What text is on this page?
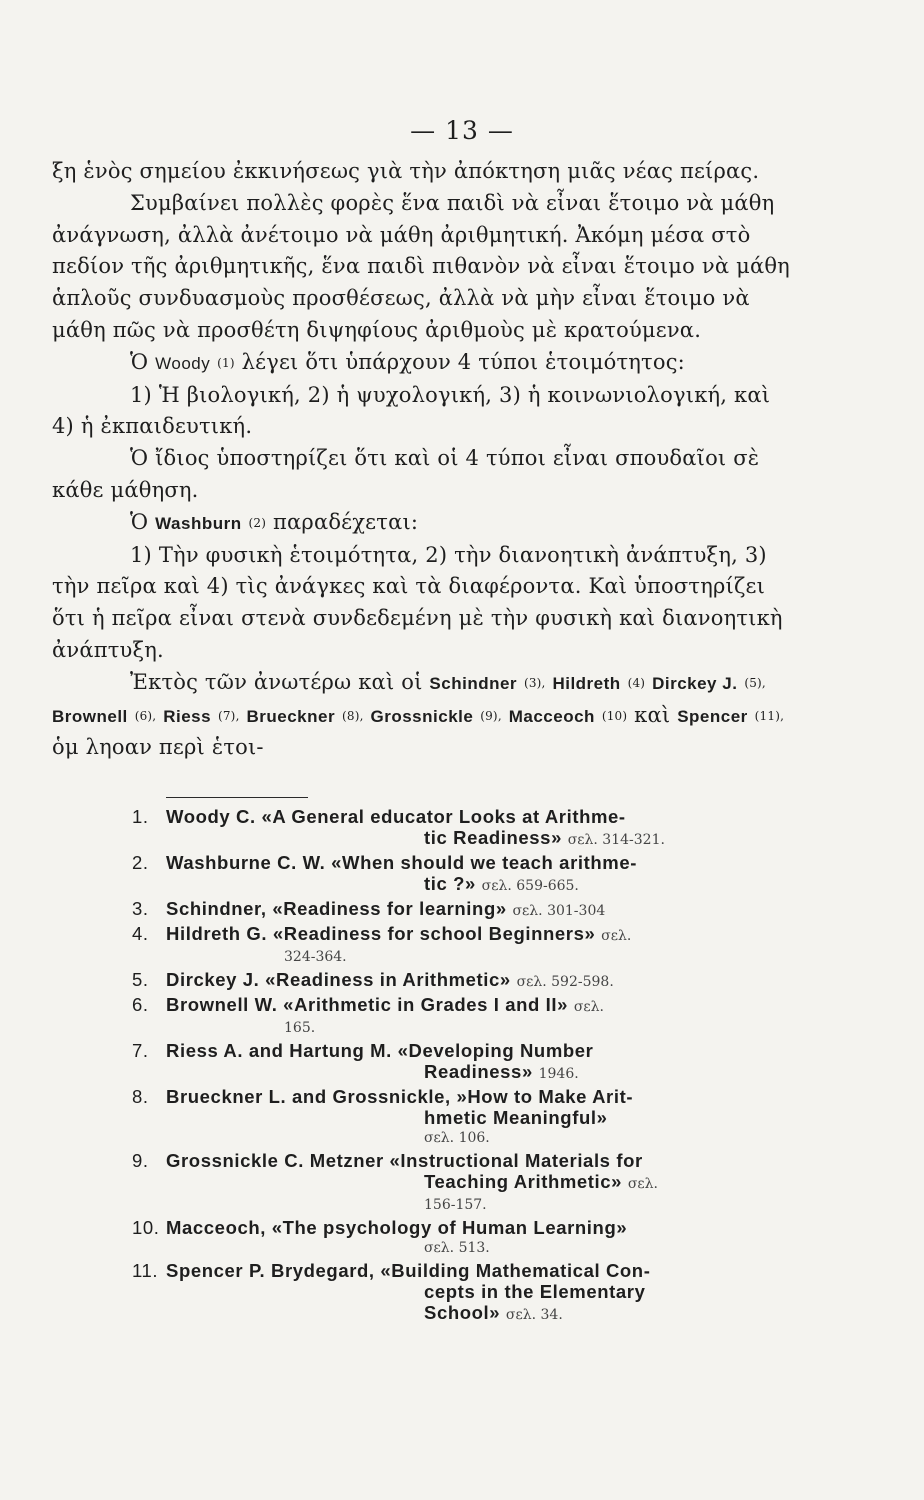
— 13 —

ξη ἑνὸς σημείου ἐκκινήσεως γιὰ τὴν ἀπόκτηση μιᾶς νέας πείρας.

Συμβαίνει πολλὲς φορὲς ἕνα παιδὶ νὰ εἶναι ἕτοιμο νὰ μάθη ἀνάγνωση, ἀλλὰ ἀνέτοιμο νὰ μάθη ἀριθμητική. Ἀκόμη μέσα στὸ πεδίον τῆς ἀριθμητικῆς, ἕνα παιδὶ πιθανὸν νὰ εἶναι ἕτοιμο νὰ μάθη ἁπλοῦς συνδυασμοὺς προσθέσεως, ἀλλὰ νὰ μὴν εἶναι ἕτοιμο νὰ μάθη πῶς νὰ προσθέτη διψηφίους ἀριθμοὺς μὲ κρατούμενα.

Ὁ Woody (1) λέγει ὅτι ὑπάρχουν 4 τύποι ἑτοιμότητος:

1) Ἡ βιολογική, 2) ἡ ψυχολογική, 3) ἡ κοινωνιολογική, καὶ 4) ἡ ἐκπαιδευτική.

Ὁ ἴδιος ὑποστηρίζει ὅτι καὶ οἱ 4 τύποι εἶναι σπουδαῖοι σὲ κάθε μάθηση.

Ὁ Washburn (2) παραδέχεται:

1) Τὴν φυσικὴ ἑτοιμότητα, 2) τὴν διανοητικὴ ἀνάπτυξη, 3) τὴν πεῖρα καὶ 4) τὶς ἀνάγκες καὶ τὰ διαφέροντα. Καὶ ὑποστηρίζει ὅτι ἡ πεῖρα εἶναι στενὰ συνδεδεμένη μὲ τὴν φυσικὴ καὶ διανοητικὴ ἀνάπτυξη.

Ἐκτὸς τῶν ἀνωτέρω καὶ οἱ Schindner (3), Hildreth (4) Dirckey J. (5), Brownell (6), Riess (7), Brueckner (8), Grossnickle (9), Macceoch (10) καὶ Spencer (11), ὁμ ληοαν περὶ ἑτοι-

1. Woody C. «A General educator Looks at Arithme-
tic Readiness» σελ. 314-321.
2. Washburne C. W. «When should we teach arithme-
tic ?» σελ. 659-665.
3. Schindner, «Readiness for learning» σελ. 301-304
4. Hildreth G. «Readiness for school Beginners» σελ.
324-364.
5. Dirckey J. «Readiness in Arithmetic» σελ. 592-598.
6. Brownell W. «Arithmetic in Grades I and II» σελ.
165.
7. Riess A. and Hartung M. «Developing Number
Readiness» 1946.
8. Brueckner L. and Grossnickle, »How to Make Arit-
hmetic Meaningful»
σελ. 106.
9. Grossnickle C. Metzner «Instructional Materials for
Teaching Arithmetic» σελ.
156-157.
10. Macceoch, «The psychology of Human Learning»
σελ. 513.
11. Spencer P. Brydegard, «Building Mathematical Con-
cepts in the Elementary
School» σελ. 34.
